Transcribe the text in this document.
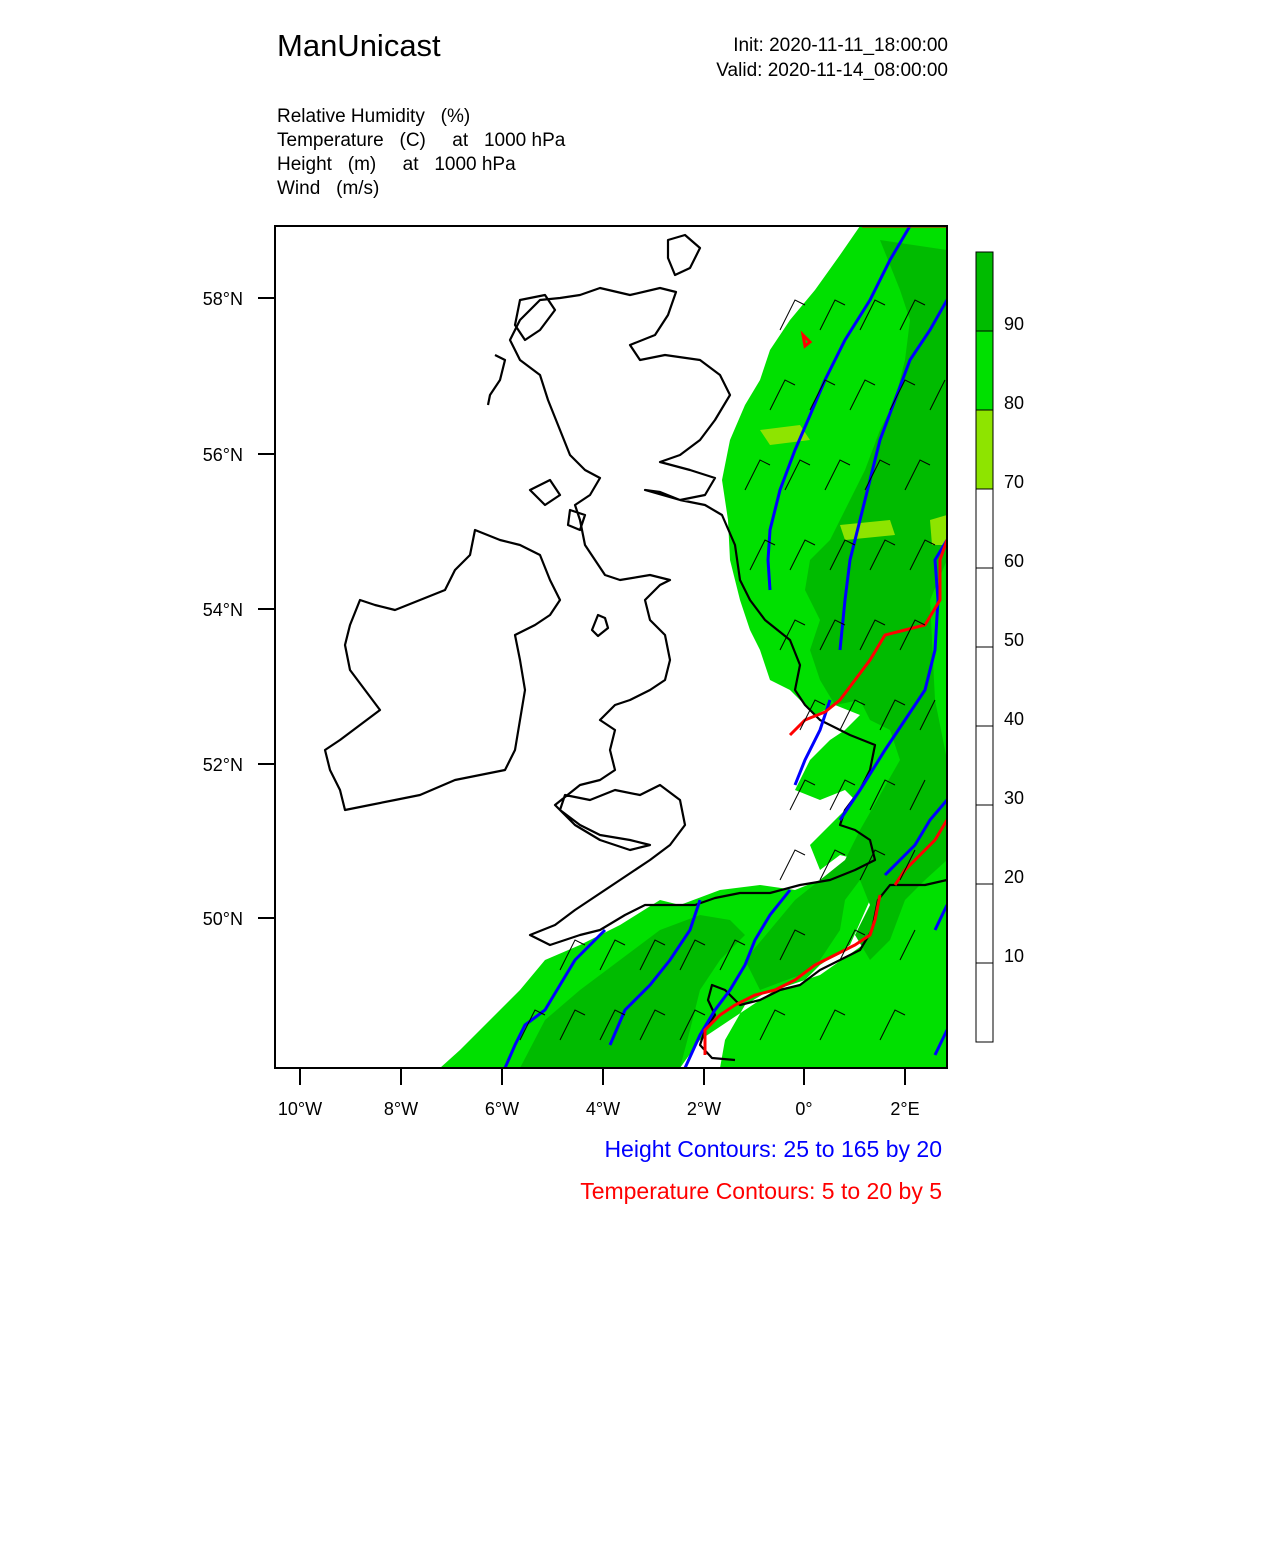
ManUnicast	Init: 2020-11-11_18:00:00
Valid: 2020-11-14_08:00:00
Relative Humidity   (%)
Temperature   (C)     at   1000 hPa
Height   (m)     at   1000 hPa
Wind   (m/s)
58°N
56°N
54°N
52°N
50°N
10°W	8°W	6°W	4°W	2°W	0°	2°E
90
80
70
60
50
40
30
20
10
Height Contours: 25 to 165 by 20
Temperature Contours: 5 to 20 by 5
